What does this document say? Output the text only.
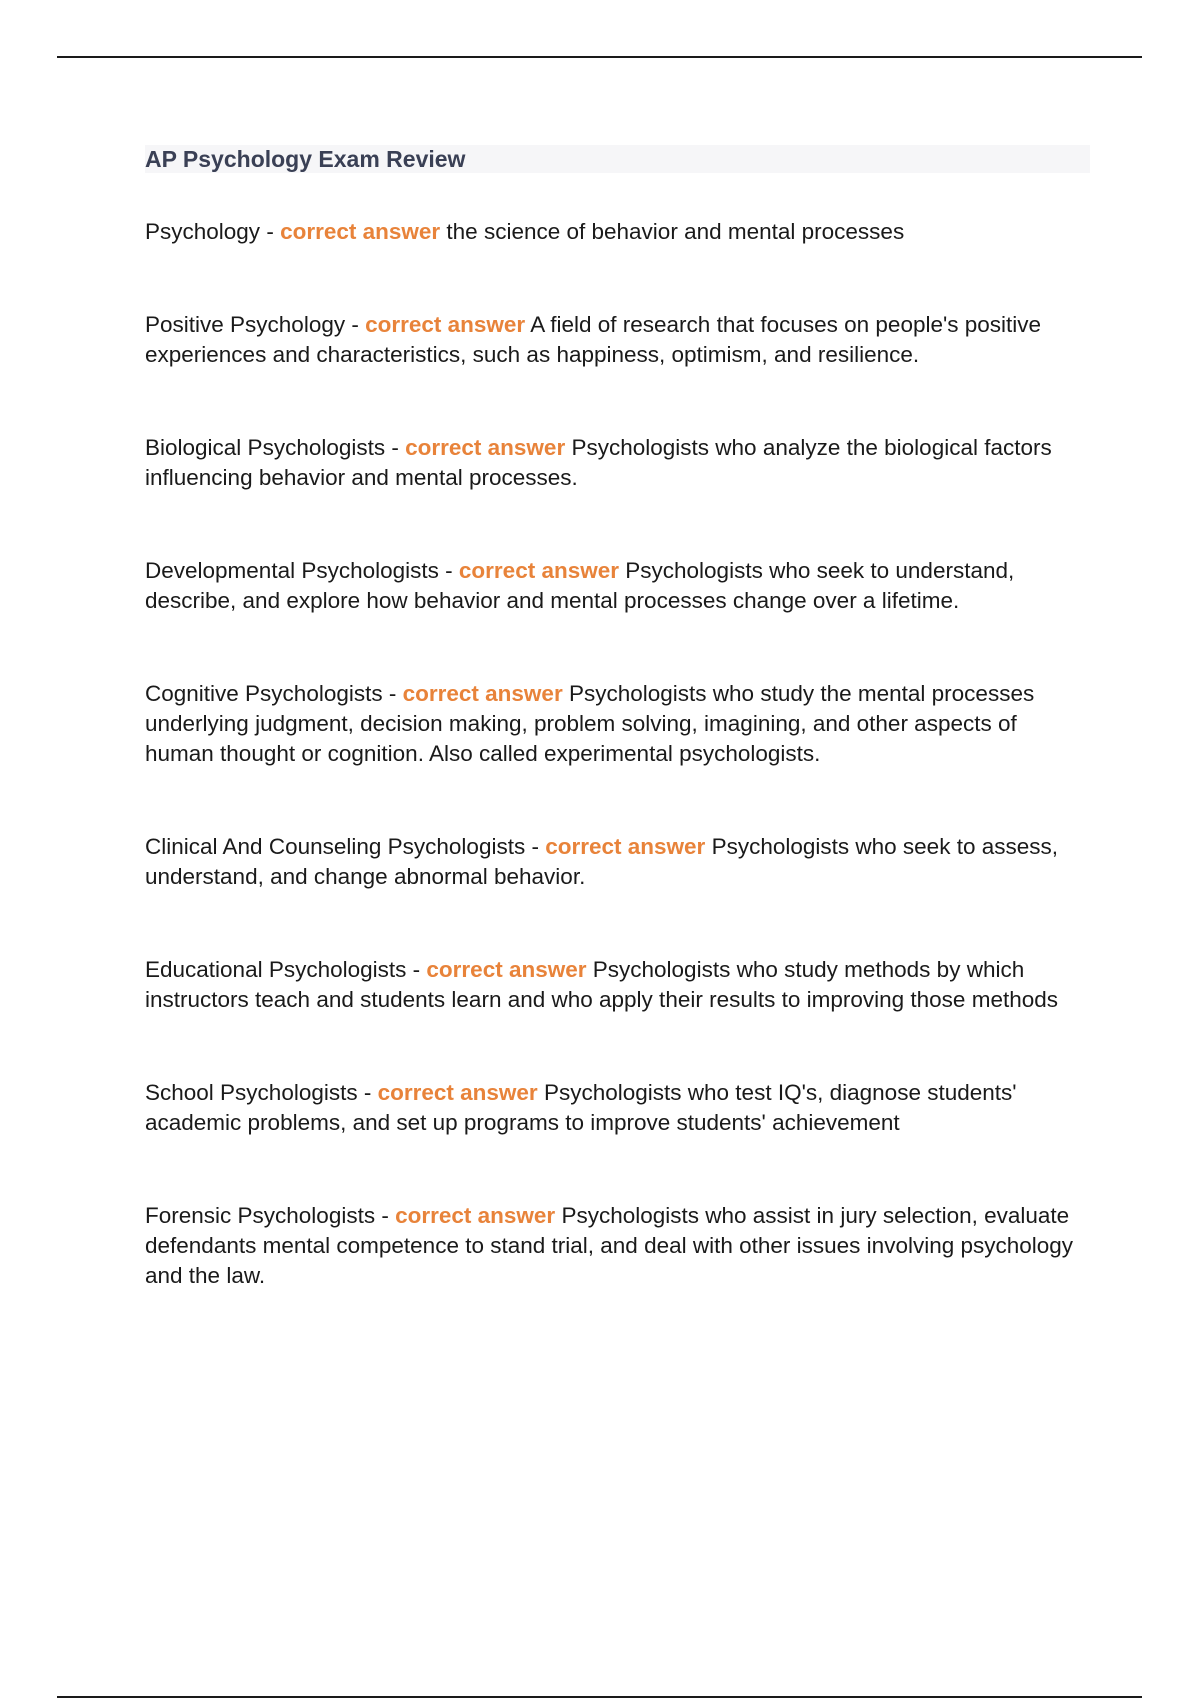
AP Psychology Exam Review

Psychology - correct answer the science of behavior and mental processes

Positive Psychology - correct answer A field of research that focuses on people's positive experiences and characteristics, such as happiness, optimism, and resilience.

Biological Psychologists - correct answer Psychologists who analyze the biological factors influencing behavior and mental processes.

Developmental Psychologists - correct answer Psychologists who seek to understand, describe, and explore how behavior and mental processes change over a lifetime.

Cognitive Psychologists - correct answer Psychologists who study the mental processes underlying judgment, decision making, problem solving, imagining, and other aspects of human thought or cognition. Also called experimental psychologists.

Clinical And Counseling Psychologists - correct answer Psychologists who seek to assess, understand, and change abnormal behavior.

Educational Psychologists - correct answer Psychologists who study methods by which instructors teach and students learn and who apply their results to improving those methods

School Psychologists - correct answer Psychologists who test IQ's, diagnose students' academic problems, and set up programs to improve students' achievement

Forensic Psychologists - correct answer Psychologists who assist in jury selection, evaluate defendants mental competence to stand trial, and deal with other issues involving psychology and the law.
